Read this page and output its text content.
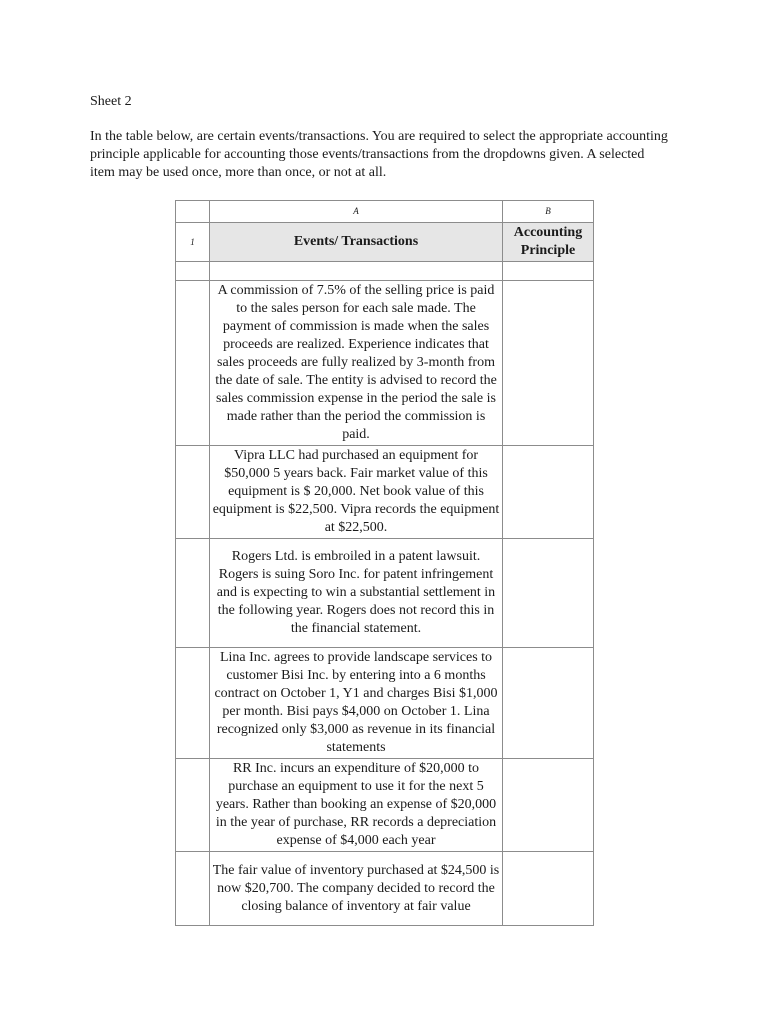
Sheet 2

In the table below, are certain events/transactions. You are required to select the appropriate accounting principle applicable for accounting those events/transactions from the dropdowns given. A selected item may be used once, more than once, or not at all.

	A	B
1	Events/ Transactions	Accounting Principle

	A commission of 7.5% of the selling price is paid to the sales person for each sale made. The payment of commission is made when the sales proceeds are realized. Experience indicates that sales proceeds are fully realized by 3-month from the date of sale. The entity is advised to record the sales commission expense in the period the sale is made rather than the period the commission is paid.	
	Vipra LLC had purchased an equipment for $50,000 5 years back. Fair market value of this equipment is $ 20,000. Net book value of this equipment is $22,500. Vipra records the equipment at $22,500.	
	Rogers Ltd. is embroiled in a patent lawsuit. Rogers is suing Soro Inc. for patent infringement and is expecting to win a substantial settlement in the following year. Rogers does not record this in the financial statement.	
	Lina Inc. agrees to provide landscape services to customer Bisi Inc. by entering into a 6 months contract on October 1, Y1 and charges Bisi $1,000 per month. Bisi pays $4,000 on October 1. Lina recognized only $3,000 as revenue in its financial statements	
	RR Inc. incurs an expenditure of $20,000 to purchase an equipment to use it for the next 5 years. Rather than booking an expense of $20,000 in the year of purchase, RR records a depreciation expense of $4,000 each year	
	The fair value of inventory purchased at $24,500 is now $20,700. The company decided to record the closing balance of inventory at fair value	
